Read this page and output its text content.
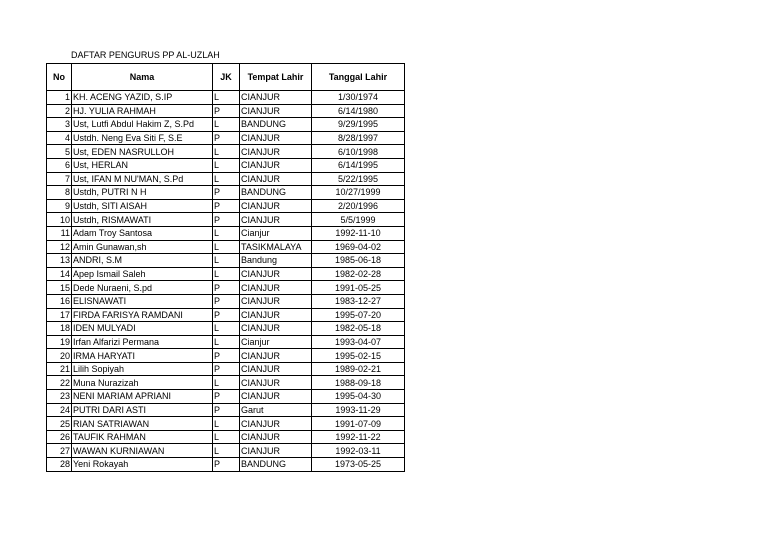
DAFTAR PENGURUS PP AL-UZLAH
No	Nama	JK	Tempat Lahir	Tanggal Lahir
1	KH. ACENG YAZID, S.IP	L	CIANJUR	1/30/1974
2	HJ. YULIA RAHMAH	P	CIANJUR	6/14/1980
3	Ust, Lutfi Abdul Hakim Z, S.Pd	L	BANDUNG	9/29/1995
4	Ustdh. Neng Eva Siti F, S.E	P	CIANJUR	8/28/1997
5	Ust, EDEN NASRULLOH	L	CIANJUR	6/10/1998
6	Ust, HERLAN	L	CIANJUR	6/14/1995
7	Ust, IFAN M NU'MAN, S.Pd	L	CIANJUR	5/22/1995
8	Ustdh, PUTRI N H	P	BANDUNG	10/27/1999
9	Ustdh, SITI AISAH	P	CIANJUR	2/20/1996
10	Ustdh, RISMAWATI	P	CIANJUR	5/5/1999
11	Adam Troy Santosa	L	Cianjur	1992-11-10
12	Amin Gunawan,sh	L	TASIKMALAYA	1969-04-02
13	ANDRI, S.M	L	Bandung	1985-06-18
14	Apep Ismail Saleh	L	CIANJUR	1982-02-28
15	Dede Nuraeni, S.pd	P	CIANJUR	1991-05-25
16	ELISNAWATI	P	CIANJUR	1983-12-27
17	FIRDA FARISYA RAMDANI	P	CIANJUR	1995-07-20
18	IDEN MULYADI	L	CIANJUR	1982-05-18
19	Irfan Alfarizi Permana	L	Cianjur	1993-04-07
20	IRMA HARYATI	P	CIANJUR	1995-02-15
21	Lilih Sopiyah	P	CIANJUR	1989-02-21
22	Muna Nurazizah	L	CIANJUR	1988-09-18
23	NENI MARIAM APRIANI	P	CIANJUR	1995-04-30
24	PUTRI DARI ASTI	P	Garut	1993-11-29
25	RIAN SATRIAWAN	L	CIANJUR	1991-07-09
26	TAUFIK RAHMAN	L	CIANJUR	1992-11-22
27	WAWAN KURNIAWAN	L	CIANJUR	1992-03-11
28	Yeni Rokayah	P	BANDUNG	1973-05-25
